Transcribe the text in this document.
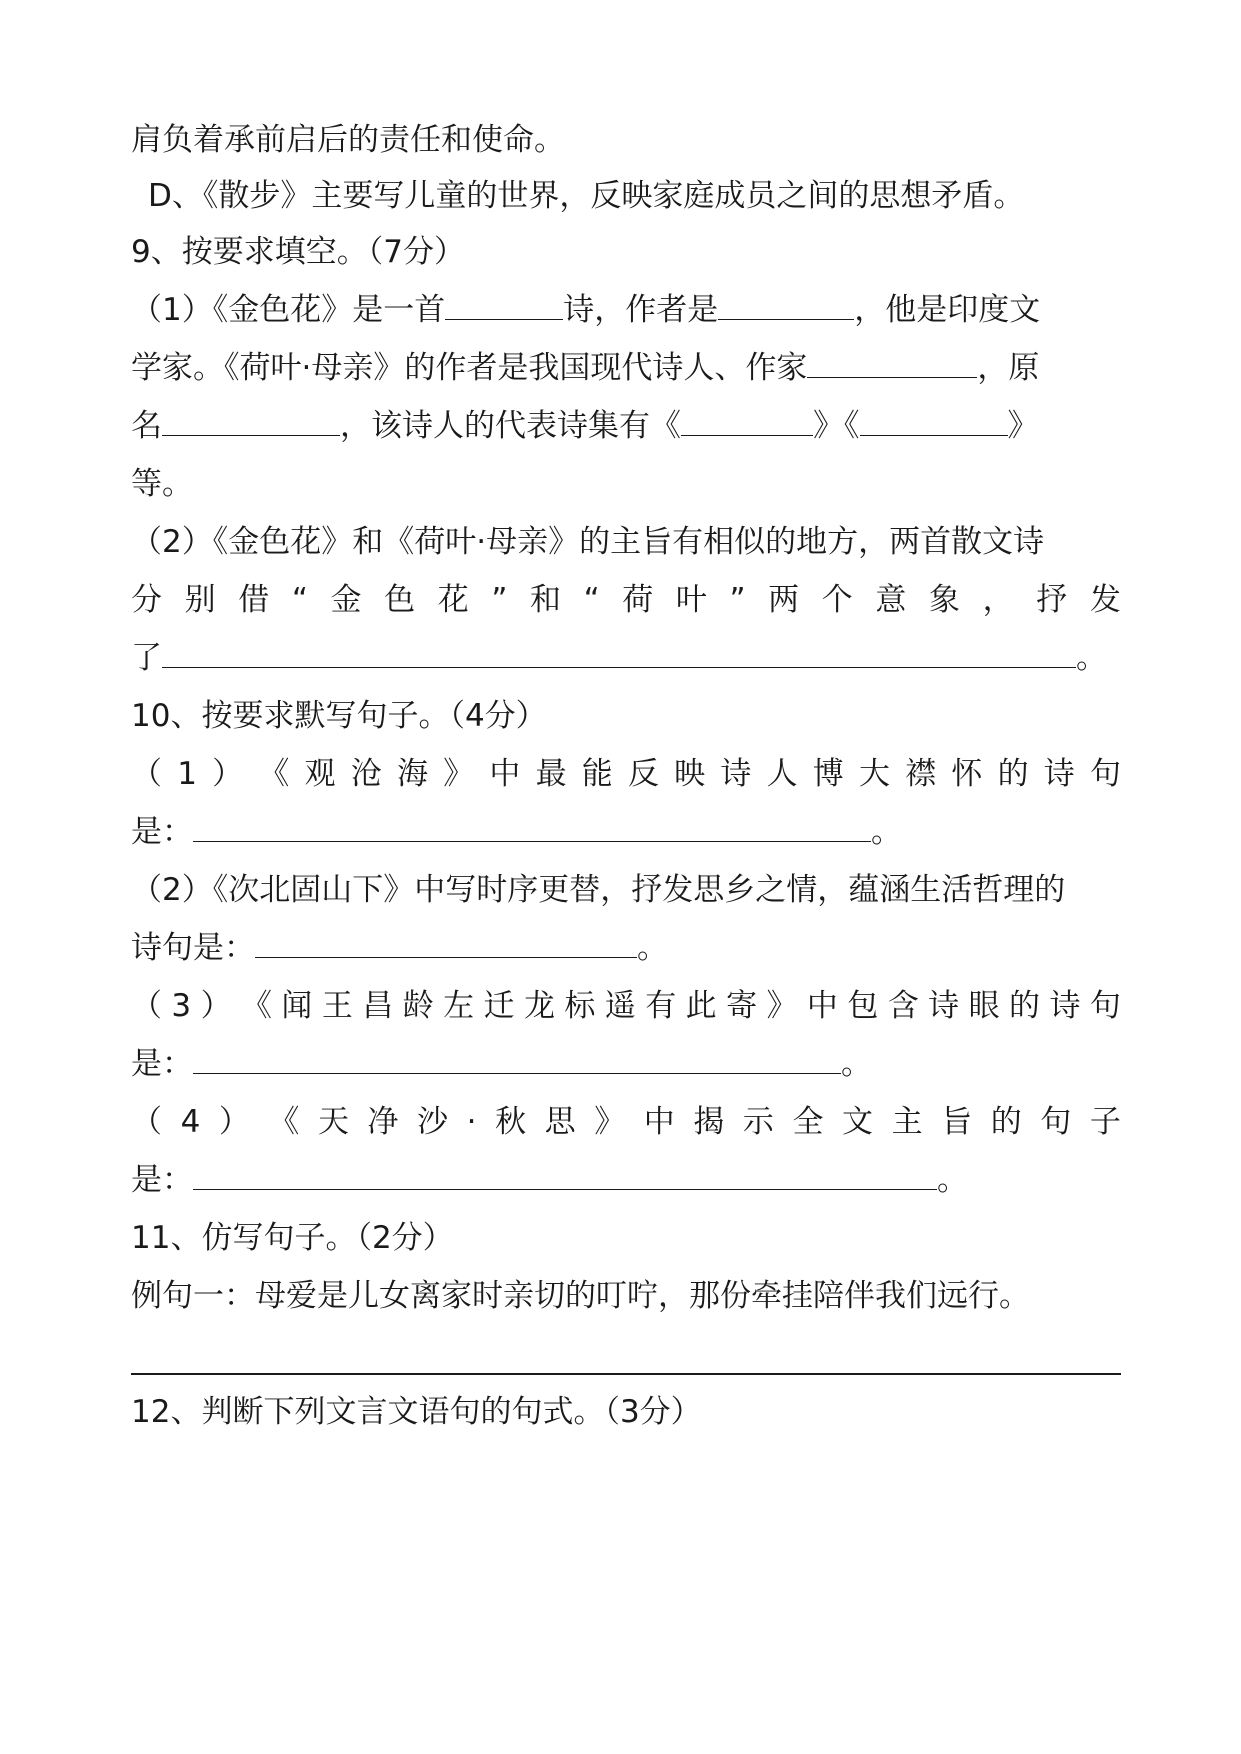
肩负着承前启后的责任和使命。
D、《散步》主要写儿童的世界，反映家庭成员之间的思想矛盾。
9、按要求填空。（7分）
（1）《金色花》是一首	诗，作者是	，他是印度文
学家。《荷叶·母亲》的作者是我国现代诗人、作家	，原
名	，该诗人的代表诗集有《	》《	》
等。
（2）《金色花》和《荷叶·母亲》的主旨有相似的地方，两首散文诗
分 别 借 “ 金 色 花 ” 和 “ 荷 叶 ” 两 个 意 象 ， 抒 发
了	。
10、按要求默写句子。（4分）
（ 1 ） 《 观 沧 海 》 中 最 能 反 映 诗 人 博 大 襟 怀 的 诗 句
是：	。
（2）《次北固山下》中写时序更替，抒发思乡之情，蕴涵生活哲理的
诗句是：	。
（ 3 ） 《 闻 王 昌 龄 左 迁 龙 标 遥 有 此 寄 》 中 包 含 诗 眼 的 诗 句
是：	。
（ 4 ） 《 天 净 沙 · 秋 思 》 中 揭 示 全 文 主 旨 的 句 子
是：	。
11、仿写句子。（2分）
例句一：母爱是儿女离家时亲切的叮咛，那份牵挂陪伴我们远行。
12、判断下列文言文语句的句式。（3分）
